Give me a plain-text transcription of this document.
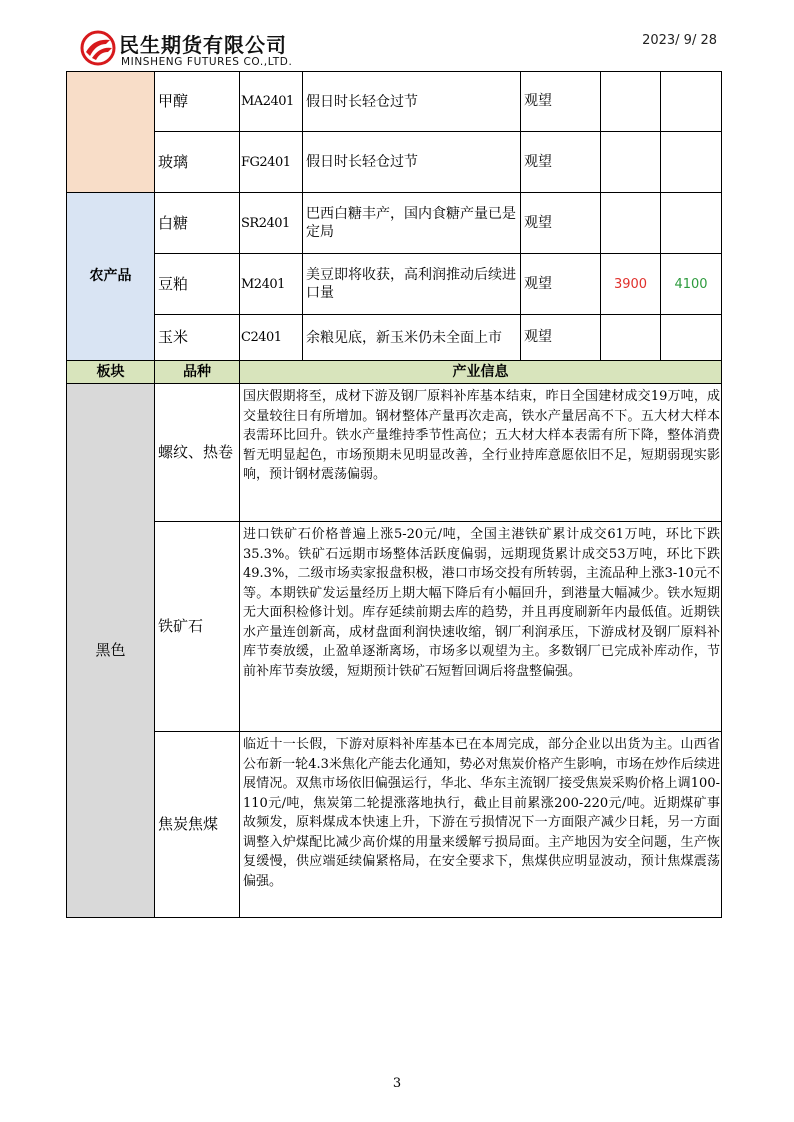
民生期货有限公司
MINSHENG FUTURES CO.,LTD.
2023/ 9/ 28
	甲醇	MA2401	假日时长轻仓过节	观望		
	玻璃	FG2401	假日时长轻仓过节	观望		
农产品	白糖	SR2401	巴西白糖丰产，国内食糖产量已是定局	观望		
	豆粕	M2401	美豆即将收获，高利润推动后续进口量	观望	3900	4100
	玉米	C2401	余粮见底，新玉米仍未全面上市	观望		
板块	品种	产业信息				
黑色	螺纹、热卷	国庆假期将至，成材下游及钢厂原料补库基本结束，昨日全国建材成交19万吨，成交量较往日有所增加。钢材整体产量再次走高，铁水产量居高不下。五大材大样本表需环比回升。铁水产量维持季节性高位；五大材大样本表需有所下降，整体消费暂无明显起色，市场预期未见明显改善，全行业持库意愿依旧不足，短期弱现实影响，预计钢材震荡偏弱。				
	铁矿石	进口铁矿石价格普遍上涨5-20元/吨，全国主港铁矿累计成交61万吨，环比下跌35.3%。铁矿石远期市场整体活跃度偏弱，远期现货累计成交53万吨，环比下跌49.3%，二级市场卖家报盘积极，港口市场交投有所转弱，主流品种上涨3-10元不等。本期铁矿发运量经历上期大幅下降后有小幅回升，到港量大幅减少。铁水短期无大面积检修计划。库存延续前期去库的趋势，并且再度刷新年内最低值。近期铁水产量连创新高，成材盘面利润快速收缩，钢厂利润承压，下游成材及钢厂原料补库节奏放缓，止盈单逐渐离场，市场多以观望为主。多数钢厂已完成补库动作，节前补库节奏放缓，短期预计铁矿石短暂回调后将盘整偏强。				
	焦炭焦煤	临近十一长假，下游对原料补库基本已在本周完成，部分企业以出货为主。山西省公布新一轮4.3米焦化产能去化通知，势必对焦炭价格产生影响，市场在炒作后续进展情况。双焦市场依旧偏强运行，华北、华东主流钢厂接受焦炭采购价格上调100-110元/吨，焦炭第二轮提涨落地执行，截止目前累涨200-220元/吨。近期煤矿事故频发，原料煤成本快速上升，下游在亏损情况下一方面限产减少日耗，另一方面调整入炉煤配比减少高价煤的用量来缓解亏损局面。主产地因为安全问题，生产恢复缓慢，供应端延续偏紧格局，在安全要求下，焦煤供应明显波动，预计焦煤震荡偏强。				
3
